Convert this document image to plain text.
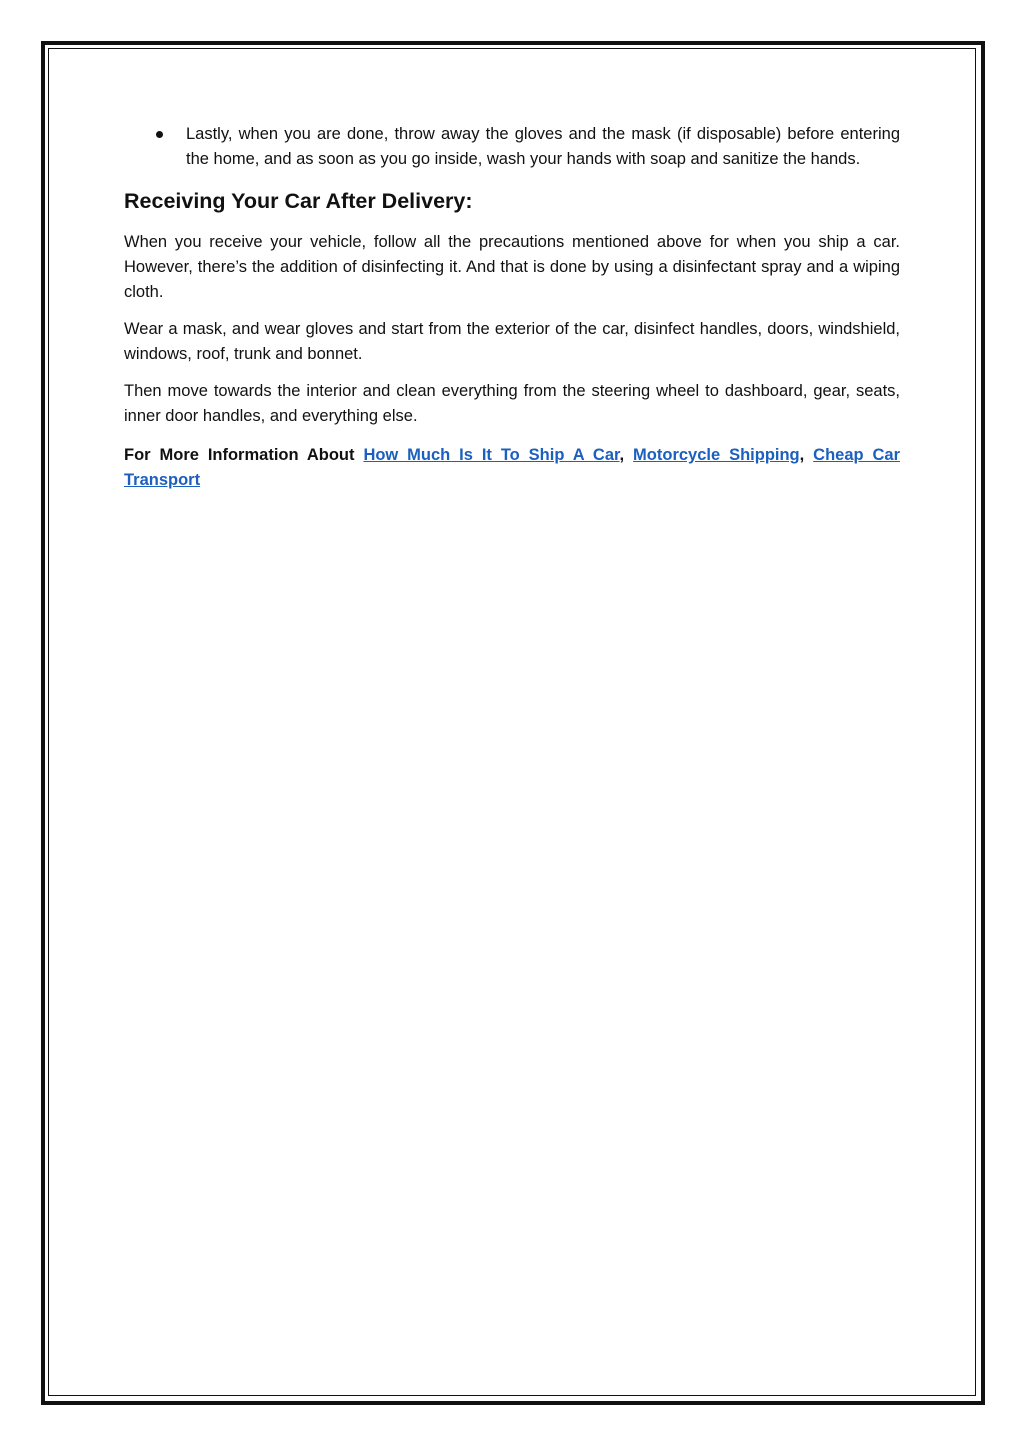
Lastly, when you are done, throw away the gloves and the mask (if disposable) before entering the home, and as soon as you go inside, wash your hands with soap and sanitize the hands.
Receiving Your Car After Delivery:

When you receive your vehicle, follow all the precautions mentioned above for when you ship a car. However, there’s the addition of disinfecting it. And that is done by using a disinfectant spray and a wiping cloth.

Wear a mask, and wear gloves and start from the exterior of the car, disinfect handles, doors, windshield, windows, roof, trunk and bonnet.

Then move towards the interior and clean everything from the steering wheel to dashboard, gear, seats, inner door handles, and everything else.

For More Information About How Much Is It To Ship A Car, Motorcycle Shipping, Cheap Car Transport
